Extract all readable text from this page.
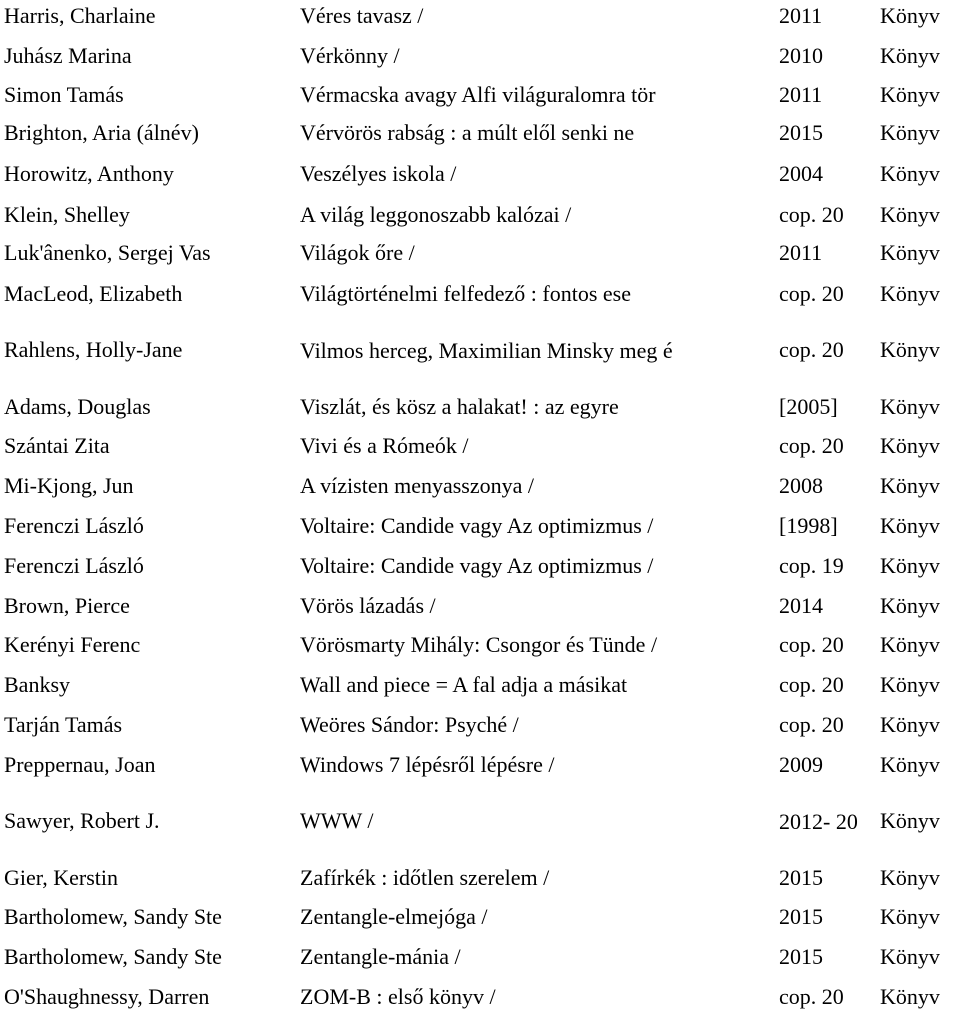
Harris, Charlaine	Véres tavasz /	2011	Könyv
Juhász Marina	Vérkönny /	2010	Könyv
Simon Tamás	Vérmacska avagy Alfi világuralomra tör	2011	Könyv
Brighton, Aria (álnév)	Vérvörös rabság : a múlt elől senki ne	2015	Könyv
Horowitz, Anthony	Veszélyes iskola /	2004	Könyv
Klein, Shelley	A világ leggonoszabb kalózai /	cop. 20	Könyv
Luk'ânenko, Sergej Vas	Világok őre /	2011	Könyv
MacLeod, Elizabeth	Világtörténelmi felfedező : fontos ese	cop. 20	Könyv
Rahlens, Holly-Jane	Vilmos herceg, Maximilian Minsky meg é	cop. 20	Könyv
Adams, Douglas	Viszlát, és kösz a halakat! : az egyre	[2005]	Könyv
Szántai Zita	Vivi és a Rómeók /	cop. 20	Könyv
Mi-Kjong, Jun	A vízisten menyasszonya /	2008	Könyv
Ferenczi László	Voltaire: Candide vagy Az optimizmus /	[1998]	Könyv
Ferenczi László	Voltaire: Candide vagy Az optimizmus /	cop. 19	Könyv
Brown, Pierce	Vörös lázadás /	2014	Könyv
Kerényi Ferenc	Vörösmarty Mihály: Csongor és Tünde /	cop. 20	Könyv
Banksy	Wall and piece = A fal adja a másikat	cop. 20	Könyv
Tarján Tamás	Weöres Sándor: Psyché /	cop. 20	Könyv
Preppernau, Joan	Windows 7 lépésről lépésre /	2009	Könyv
Sawyer, Robert J.	WWW /	2012- 20	Könyv
Gier, Kerstin	Zafírkék : időtlen szerelem /	2015	Könyv
Bartholomew, Sandy Ste	Zentangle-elmejóga /	2015	Könyv
Bartholomew, Sandy Ste	Zentangle-mánia /	2015	Könyv
O'Shaughnessy, Darren	ZOM-B : első könyv /	cop. 20	Könyv
